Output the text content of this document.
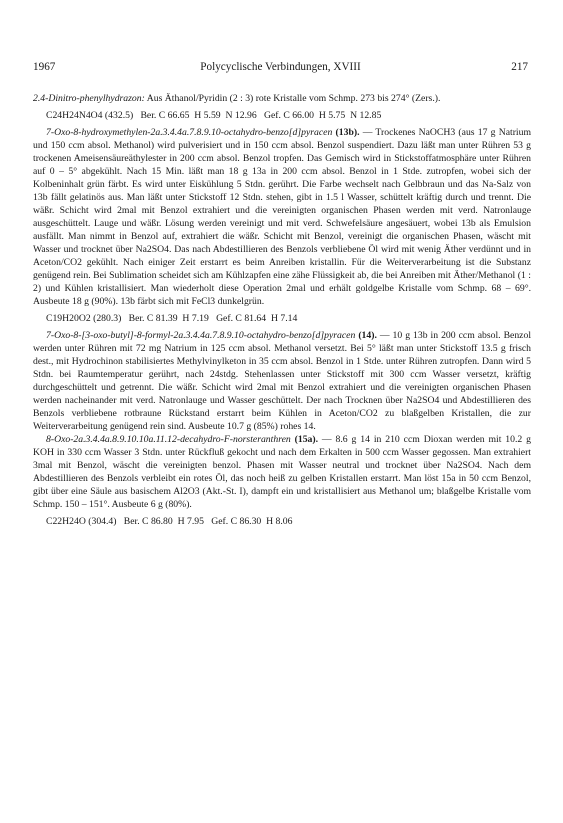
1967	Polycyclische Verbindungen, XVIII	217

2.4-Dinitro-phenylhydrazon: Aus Äthanol/Pyridin (2 : 3) rote Kristalle vom Schmp. 273 bis 274° (Zers.).

C24H24N4O4 (432.5)   Ber. C 66.65  H 5.59  N 12.96   Gef. C 66.00  H 5.75  N 12.85

7-Oxo-8-hydroxymethylen-2a.3.4.4a.7.8.9.10-octahydro-benzo[d]pyracen (13b). — Trockenes NaOCH3 (aus 17 g Natrium und 150 ccm absol. Methanol) wird pulverisiert und in 150 ccm absol. Benzol suspendiert. Dazu läßt man unter Rühren 53 g trockenen Ameisensäureäthylester in 200 ccm absol. Benzol tropfen. Das Gemisch wird in Stickstoffatmosphäre unter Rühren auf 0 – 5° abgekühlt. Nach 15 Min. läßt man 18 g 13a in 200 ccm absol. Benzol in 1 Stde. zutropfen, wobei sich der Kolbeninhalt grün färbt. Es wird unter Eiskühlung 5 Stdn. gerührt. Die Farbe wechselt nach Gelbbraun und das Na-Salz von 13b fällt gelatinös aus. Man läßt unter Stickstoff 12 Stdn. stehen, gibt in 1.5 l Wasser, schüttelt kräftig durch und trennt. Die wäßr. Schicht wird 2mal mit Benzol extrahiert und die vereinigten organischen Phasen werden mit verd. Natronlauge ausgeschüttelt. Lauge und wäßr. Lösung werden vereinigt und mit verd. Schwefelsäure angesäuert, wobei 13b als Emulsion ausfällt. Man nimmt in Benzol auf, extrahiert die wäßr. Schicht mit Benzol, vereinigt die organischen Phasen, wäscht mit Wasser und trocknet über Na2SO4. Das nach Abdestillieren des Benzols verbliebene Öl wird mit wenig Äther verdünnt und in Aceton/CO2 gekühlt. Nach einiger Zeit erstarrt es beim Anreiben kristallin. Für die Weiterverarbeitung ist die Substanz genügend rein. Bei Sublimation scheidet sich am Kühlzapfen eine zähe Flüssigkeit ab, die bei Anreiben mit Äther/Methanol (1 : 2) und Kühlen kristallisiert. Man wiederholt diese Operation 2mal und erhält goldgelbe Kristalle vom Schmp. 68 – 69°. Ausbeute 18 g (90%). 13b färbt sich mit FeCl3 dunkelgrün.

C19H20O2 (280.3)   Ber. C 81.39  H 7.19   Gef. C 81.64  H 7.14

7-Oxo-8-[3-oxo-butyl]-8-formyl-2a.3.4.4a.7.8.9.10-octahydro-benzo[d]pyracen (14). — 10 g 13b in 200 ccm absol. Benzol werden unter Rühren mit 72 mg Natrium in 125 ccm absol. Methanol versetzt. Bei 5° läßt man unter Stickstoff 13.5 g frisch dest., mit Hydrochinon stabilisiertes Methylvinylketon in 35 ccm absol. Benzol in 1 Stde. unter Rühren zutropfen. Dann wird 5 Stdn. bei Raumtemperatur gerührt, nach 24stdg. Stehenlassen unter Stickstoff mit 300 ccm Wasser versetzt, kräftig durchgeschüttelt und getrennt. Die wäßr. Schicht wird 2mal mit Benzol extrahiert und die vereinigten organischen Phasen werden nacheinander mit verd. Natronlauge und Wasser geschüttelt. Der nach Trocknen über Na2SO4 und Abdestillieren des Benzols verbliebene rotbraune Rückstand erstarrt beim Kühlen in Aceton/CO2 zu blaßgelben Kristallen, die zur Weiterverarbeitung genügend rein sind. Ausbeute 10.7 g (85%) rohes 14.

8-Oxo-2a.3.4.4a.8.9.10.10a.11.12-decahydro-F-norsteranthren (15a). — 8.6 g 14 in 210 ccm Dioxan werden mit 10.2 g KOH in 330 ccm Wasser 3 Stdn. unter Rückfluß gekocht und nach dem Erkalten in 500 ccm Wasser gegossen. Man extrahiert 3mal mit Benzol, wäscht die vereinigten benzol. Phasen mit Wasser neutral und trocknet über Na2SO4. Nach dem Abdestillieren des Benzols verbleibt ein rotes Öl, das noch heiß zu gelben Kristallen erstarrt. Man löst 15a in 50 ccm Benzol, gibt über eine Säule aus basischem Al2O3 (Akt.-St. I), dampft ein und kristallisiert aus Methanol um; blaßgelbe Kristalle vom Schmp. 150 – 151°. Ausbeute 6 g (80%).

C22H24O (304.4)   Ber. C 86.80  H 7.95   Gef. C 86.30  H 8.06
